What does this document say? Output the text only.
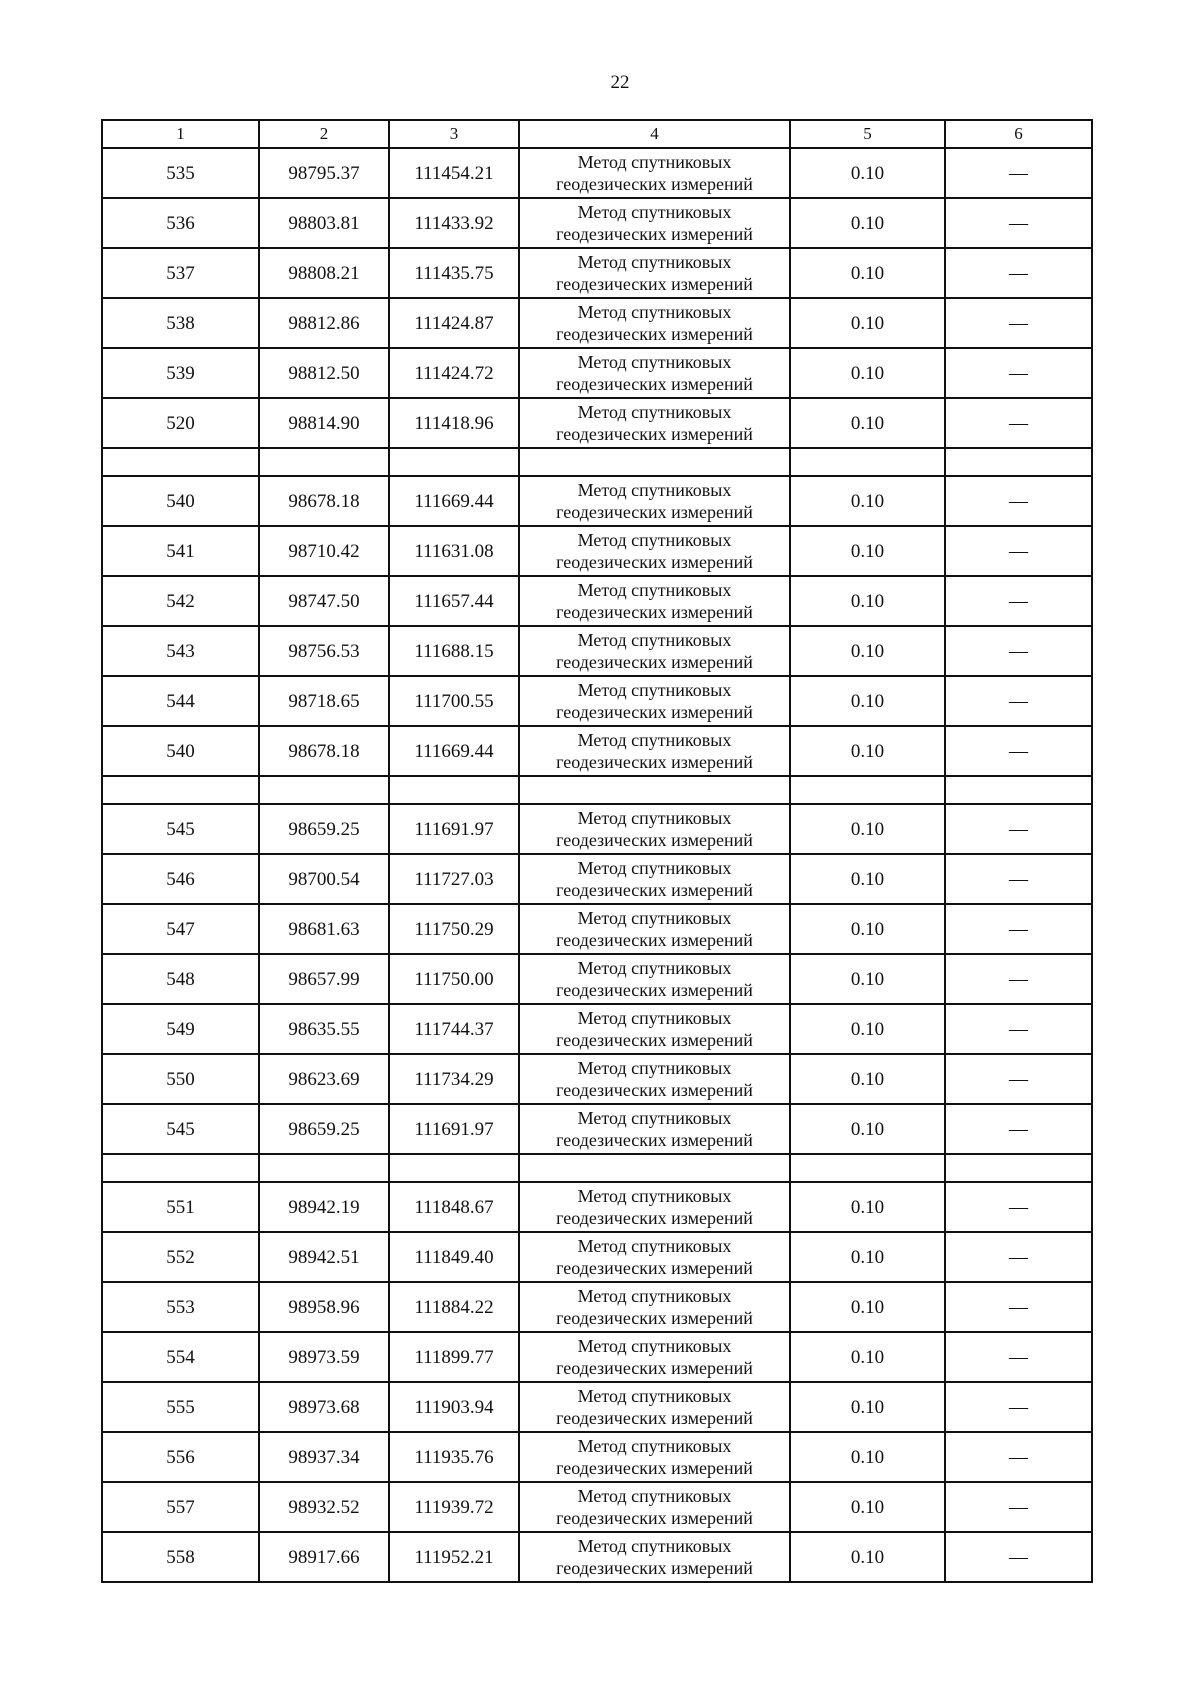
22
1	2	3	4	5	6
535	98795.37	111454.21	Метод спутниковых
геодезических измерений	0.10	—
536	98803.81	111433.92	Метод спутниковых
геодезических измерений	0.10	—
537	98808.21	111435.75	Метод спутниковых
геодезических измерений	0.10	—
538	98812.86	111424.87	Метод спутниковых
геодезических измерений	0.10	—
539	98812.50	111424.72	Метод спутниковых
геодезических измерений	0.10	—
520	98814.90	111418.96	Метод спутниковых
геодезических измерений	0.10	—

540	98678.18	111669.44	Метод спутниковых
геодезических измерений	0.10	—
541	98710.42	111631.08	Метод спутниковых
геодезических измерений	0.10	—
542	98747.50	111657.44	Метод спутниковых
геодезических измерений	0.10	—
543	98756.53	111688.15	Метод спутниковых
геодезических измерений	0.10	—
544	98718.65	111700.55	Метод спутниковых
геодезических измерений	0.10	—
540	98678.18	111669.44	Метод спутниковых
геодезических измерений	0.10	—

545	98659.25	111691.97	Метод спутниковых
геодезических измерений	0.10	—
546	98700.54	111727.03	Метод спутниковых
геодезических измерений	0.10	—
547	98681.63	111750.29	Метод спутниковых
геодезических измерений	0.10	—
548	98657.99	111750.00	Метод спутниковых
геодезических измерений	0.10	—
549	98635.55	111744.37	Метод спутниковых
геодезических измерений	0.10	—
550	98623.69	111734.29	Метод спутниковых
геодезических измерений	0.10	—
545	98659.25	111691.97	Метод спутниковых
геодезических измерений	0.10	—

551	98942.19	111848.67	Метод спутниковых
геодезических измерений	0.10	—
552	98942.51	111849.40	Метод спутниковых
геодезических измерений	0.10	—
553	98958.96	111884.22	Метод спутниковых
геодезических измерений	0.10	—
554	98973.59	111899.77	Метод спутниковых
геодезических измерений	0.10	—
555	98973.68	111903.94	Метод спутниковых
геодезических измерений	0.10	—
556	98937.34	111935.76	Метод спутниковых
геодезических измерений	0.10	—
557	98932.52	111939.72	Метод спутниковых
геодезических измерений	0.10	—
558	98917.66	111952.21	Метод спутниковых
геодезических измерений	0.10	—
